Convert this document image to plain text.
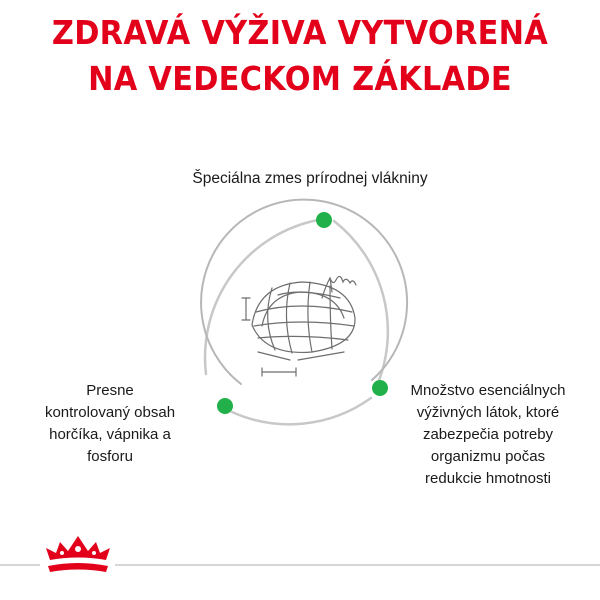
ZDRAVÁ VÝŽIVA VYTVORENÁ
NA VEDECKOM ZÁKLADE
Špeciálna zmes prírodnej vlákniny
Presne
kontrolovaný obsah
horčíka, vápnika a
fosforu
Množstvo esenciálnych
výživných látok, ktoré
zabezpečia potreby
organizmu počas
redukcie hmotnosti
